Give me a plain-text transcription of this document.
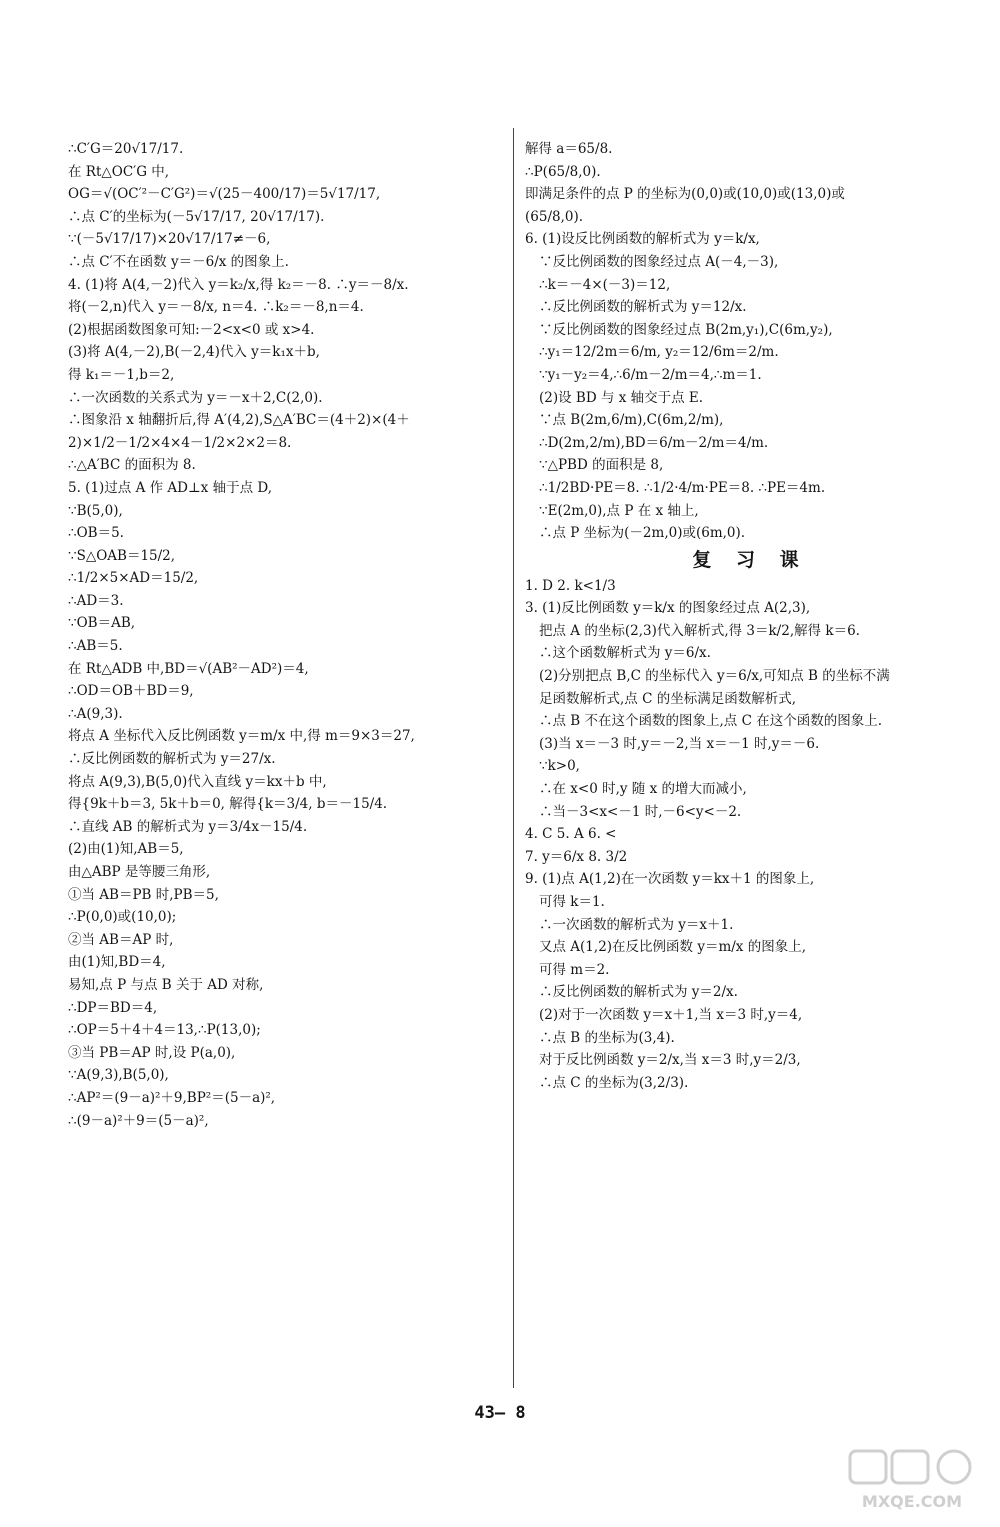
∴C′G＝20√17/17.
在 Rt△OC′G 中,
OG＝√(OC′²－C′G²)＝√(25－400/17)＝5√17/17,
∴点 C′的坐标为(－5√17/17, 20√17/17).
∵(－5√17/17)×20√17/17≠－6,
∴点 C′不在函数 y＝－6/x 的图象上.
4. (1)将 A(4,－2)代入 y＝k₂/x,得 k₂＝－8. ∴y＝－8/x.
将(－2,n)代入 y＝－8/x, n＝4. ∴k₂＝－8,n＝4.
(2)根据函数图象可知:－2<x<0 或 x>4.
(3)将 A(4,－2),B(－2,4)代入 y＝k₁x＋b,
得 k₁＝－1,b＝2,
∴一次函数的关系式为 y＝－x＋2,C(2,0).
∴图象沿 x 轴翻折后,得 A′(4,2),S△A′BC＝(4＋2)×(4＋
2)×1/2－1/2×4×4－1/2×2×2＝8.
∴△A′BC 的面积为 8.
5. (1)过点 A 作 AD⊥x 轴于点 D,
∵B(5,0),
∴OB＝5.
∵S△OAB＝15/2,
∴1/2×5×AD＝15/2,
∴AD＝3.
∵OB＝AB,
∴AB＝5.
在 Rt△ADB 中,BD＝√(AB²－AD²)＝4,
∴OD＝OB＋BD＝9,
∴A(9,3).
将点 A 坐标代入反比例函数 y＝m/x 中,得 m＝9×3＝27,
∴反比例函数的解析式为 y＝27/x.
将点 A(9,3),B(5,0)代入直线 y＝kx＋b 中,
得{9k＋b＝3, 5k＋b＝0, 解得{k＝3/4, b＝－15/4.
∴直线 AB 的解析式为 y＝3/4x－15/4.
(2)由(1)知,AB＝5,
由△ABP 是等腰三角形,
①当 AB＝PB 时,PB＝5,
∴P(0,0)或(10,0);
②当 AB＝AP 时,
由(1)知,BD＝4,
易知,点 P 与点 B 关于 AD 对称,
∴DP＝BD＝4,
∴OP＝5＋4＋4＝13,∴P(13,0);
③当 PB＝AP 时,设 P(a,0),
∵A(9,3),B(5,0),
∴AP²＝(9－a)²＋9,BP²＝(5－a)²,
∴(9－a)²＋9＝(5－a)²,
解得 a＝65/8.
∴P(65/8,0).
即满足条件的点 P 的坐标为(0,0)或(10,0)或(13,0)或
(65/8,0).
6. (1)设反比例函数的解析式为 y＝k/x,
∵反比例函数的图象经过点 A(－4,－3),
∴k＝－4×(－3)＝12,
∴反比例函数的解析式为 y＝12/x.
∵反比例函数的图象经过点 B(2m,y₁),C(6m,y₂),
∴y₁＝12/2m＝6/m, y₂＝12/6m＝2/m.
∵y₁－y₂＝4,∴6/m－2/m＝4,∴m＝1.
(2)设 BD 与 x 轴交于点 E.
∵点 B(2m,6/m),C(6m,2/m),
∴D(2m,2/m),BD＝6/m－2/m＝4/m.
∵△PBD 的面积是 8,
∴1/2BD·PE＝8. ∴1/2·4/m·PE＝8. ∴PE＝4m.
∵E(2m,0),点 P 在 x 轴上,
∴点 P 坐标为(－2m,0)或(6m,0).
复 习 课
1. D 2. k<1/3
3. (1)反比例函数 y＝k/x 的图象经过点 A(2,3),
把点 A 的坐标(2,3)代入解析式,得 3＝k/2,解得 k＝6.
∴这个函数解析式为 y＝6/x.
(2)分别把点 B,C 的坐标代入 y＝6/x,可知点 B 的坐标不满
足函数解析式,点 C 的坐标满足函数解析式,
∴点 B 不在这个函数的图象上,点 C 在这个函数的图象上.
(3)当 x＝－3 时,y＝－2,当 x＝－1 时,y＝－6.
∵k>0,
∴在 x<0 时,y 随 x 的增大而减小,
∴当－3<x<－1 时,－6<y<－2.
4. C 5. A 6. <
7. y＝6/x 8. 3/2
9. (1)点 A(1,2)在一次函数 y＝kx＋1 的图象上,
可得 k＝1.
∴一次函数的解析式为 y＝x＋1.
又点 A(1,2)在反比例函数 y＝m/x 的图象上,
可得 m＝2.
∴反比例函数的解析式为 y＝2/x.
(2)对于一次函数 y＝x＋1,当 x＝3 时,y＝4,
∴点 B 的坐标为(3,4).
对于反比例函数 y＝2/x,当 x＝3 时,y＝2/3,
∴点 C 的坐标为(3,2/3).
43— 8
MXQE.COM
